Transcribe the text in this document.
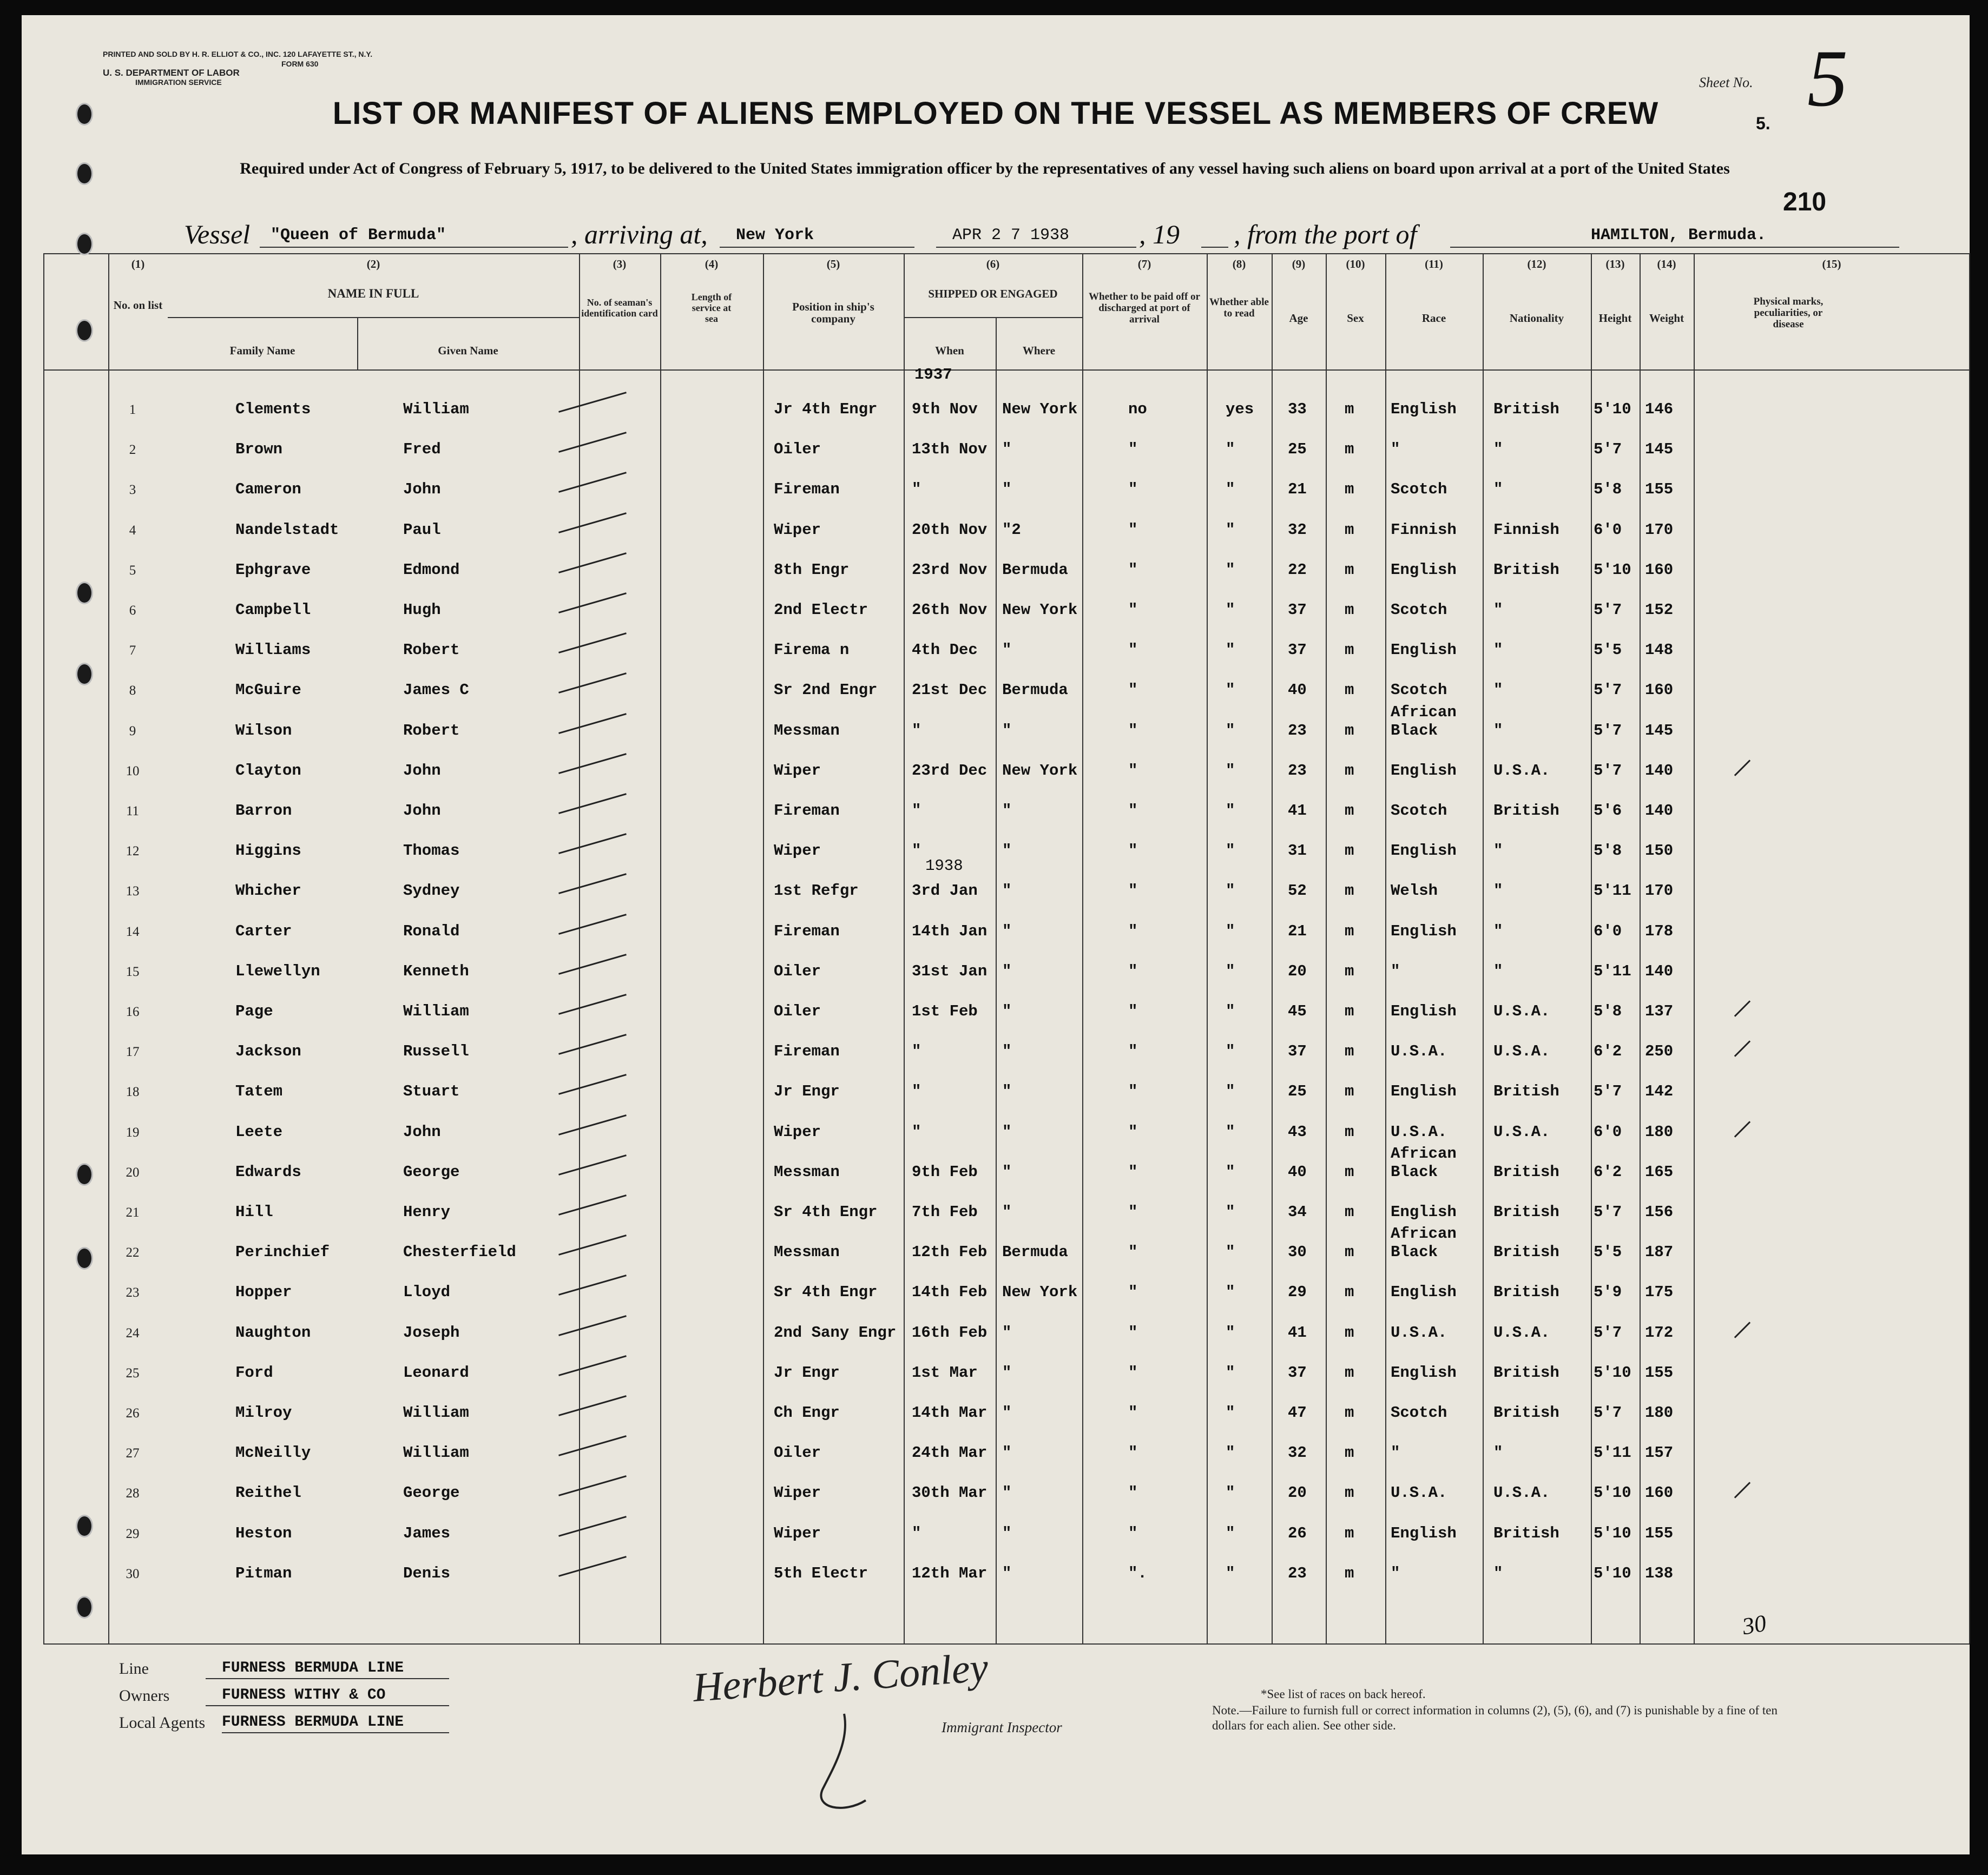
PRINTED AND SOLD BY H. R. ELLIOT & CO., INC. 120 LAFAYETTE ST., N.Y.
FORM 630
U. S. DEPARTMENT OF LABOR
IMMIGRATION SERVICE	Sheet No. 5
5.
210
LIST OR MANIFEST OF ALIENS EMPLOYED ON THE VESSEL AS MEMBERS OF CREW
Required under Act of Congress of February 5, 1917, to be delivered to the United States immigration officer by the representatives of any vessel having such aliens on board upon arrival at a port of the United States
Vessel "Queen of Bermuda"	, arriving at, New York	APR 2 7 1938	, 19 , from the port of	HAMILTON, Bermuda.
(1)
No. on list
(2)
NAME IN FULL
Family Name	Given Name
(3)
No. of seaman's identification card
(4)
Length of service at sea
(5)
Position in ship's company
(6)
SHIPPED OR ENGAGED
When	Where
(7)
Whether to be paid off or discharged at port of arrival
(8)
Whether able to read
(9)
Age
(10)
Sex
(11)
Race
(12)
Nationality
(13)
Height
(14)
Weight
(15)
Physical marks, peculiarities, or disease
1937
1938
1	Clements	William	Jr 4th Engr 9th Nov New York	no	yes 33 m English British 5'10 146
2	Brown	Fred	Oiler	13th Nov "	"	"	25 m "	"	5'7 145
3	Cameron	John	Fireman	"	"	"	"	21 m Scotch	"	5'8 155
4	Nandelstadt	Paul	Wiper	20th Nov "2	"	"	32 m Finnish Finnish 6'0 170
5	Ephgrave	Edmond	8th Engr	23rd Nov Bermuda	"	"	22 m English British 5'10 160
6	Campbell	Hugh	2nd Electr	26th Nov New York	"	"	37 m Scotch	"	5'7 152
7	Williams	Robert	Firema n	4th Dec "	"	"	37 m English "	5'5 148
8	McGuire	James C	Sr 2nd Engr 21st Dec Bermuda	"	"	40 m Scotch	"	5'7 160
9	Wilson	Robert	Messman	"	"	"	"	23 m
African Black	"	5'7 145
10	Clayton	John	Wiper	23rd Dec New York	"	"	23 m English U.S.A.	5'7 140
11	Barron	John	Fireman	"	"	"	"	41 m Scotch	British 5'6 140
12	Higgins	Thomas	Wiper	"	"	"	"	31 m English "	5'8 150
13	Whicher	Sydney	1st Refgr	3rd Jan "	"	"	52 m Welsh	"	5'11 170
14	Carter	Ronald	Fireman	14th Jan "	"	"	21 m English "	6'0 178
15	Llewellyn	Kenneth	Oiler	31st Jan "	"	"	20 m "	"	5'11 140
16	Page	William	Oiler	1st Feb "	"	"	45 m English U.S.A.	5'8 137
17	Jackson	Russell	Fireman	"	"	"	"	37 m U.S.A.	U.S.A.	6'2 250
18	Tatem	Stuart	Jr Engr	"	"	"	"	25 m English British 5'7 142
19	Leete	John	Wiper	"	"	"	"	43 m U.S.A.	U.S.A.	6'0 180
20	Edwards	George	Messman	9th Feb "	"	"	40 m
African Black	British 6'2 165
21	Hill	Henry	Sr 4th Engr 7th Feb "	"	"	34 m English British 5'7 156
22	Perinchief	Chesterfield	Messman	12th Feb Bermuda	"	"	30 m
African Black	British 5'5 187
23	Hopper	Lloyd	Sr 4th Engr 14th Feb New York	"	"	29 m English British 5'9 175
24	Naughton	Joseph	2nd Sany Engr 16th Feb "	"	"	41 m U.S.A.	U.S.A.	5'7 172
25	Ford	Leonard	Jr Engr	1st Mar "	"	"	37 m English British 5'10 155
26	Milroy	William	Ch Engr	14th Mar "	"	"	47 m Scotch	British 5'7 180
27	McNeilly	William	Oiler	24th Mar "	"	"	32 m "	"	5'11 157
28	Reithel	George	Wiper	30th Mar "	"	"	20 m U.S.A.	U.S.A.	5'10 160
29	Heston	James	Wiper	"	"	"	"	26 m English British 5'10 155
30	Pitman	Denis	5th Electr	12th Mar "	".	"	23 m "	"	5'10 138
30
Line	FURNESS BERMUDA LINE
Owners	FURNESS WITHY & CO
Local Agents FURNESS BERMUDA LINE
Herbert J. Conley
Immigrant Inspector
*See list of races on back hereof.
Note.—Failure to furnish full or correct information in columns (2), (5), (6), and (7) is punishable by a fine of ten dollars for each alien. See other side.
